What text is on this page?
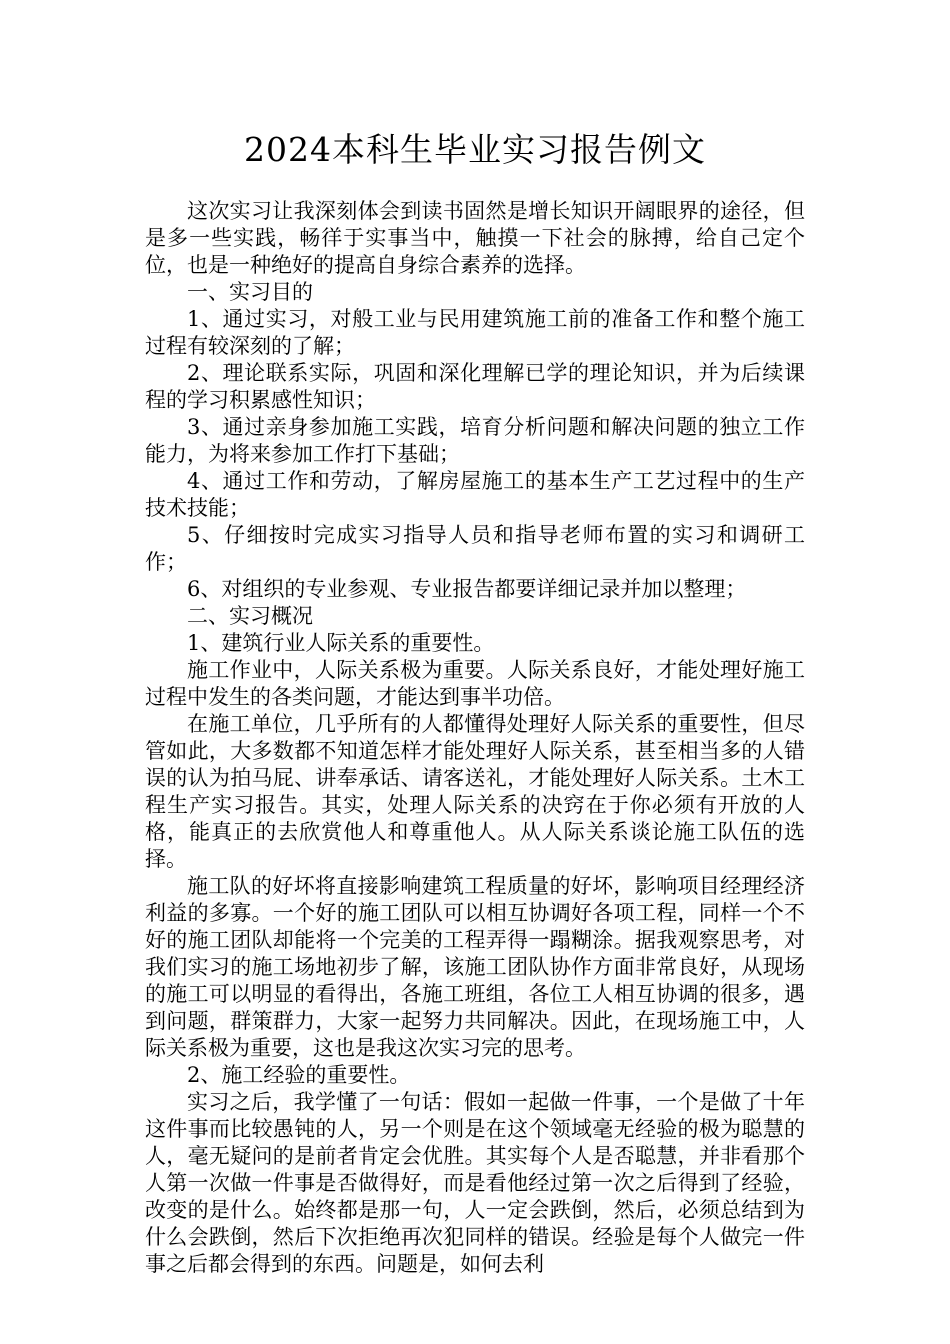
2024本科生毕业实习报告例文

这次实习让我深刻体会到读书固然是增长知识开阔眼界的途径，但是多一些实践，畅徉于实事当中，触摸一下社会的脉搏，给自己定个位，也是一种绝好的提高自身综合素养的选择。

一、实习目的

1、通过实习，对般工业与民用建筑施工前的准备工作和整个施工过程有较深刻的了解；

2、理论联系实际，巩固和深化理解已学的理论知识，并为后续课程的学习积累感性知识；

3、通过亲身参加施工实践，培育分析问题和解决问题的独立工作能力，为将来参加工作打下基础；

4、通过工作和劳动，了解房屋施工的基本生产工艺过程中的生产技术技能；

5、仔细按时完成实习指导人员和指导老师布置的实习和调研工作；

6、对组织的专业参观、专业报告都要详细记录并加以整理；

二、实习概况

1、建筑行业人际关系的重要性。

施工作业中，人际关系极为重要。人际关系良好，才能处理好施工过程中发生的各类问题，才能达到事半功倍。

在施工单位，几乎所有的人都懂得处理好人际关系的重要性，但尽管如此，大多数都不知道怎样才能处理好人际关系，甚至相当多的人错误的认为拍马屁、讲奉承话、请客送礼，才能处理好人际关系。土木工程生产实习报告。其实，处理人际关系的决窍在于你必须有开放的人格，能真正的去欣赏他人和尊重他人。从人际关系谈论施工队伍的选择。

施工队的好坏将直接影响建筑工程质量的好坏，影响项目经理经济利益的多寡。一个好的施工团队可以相互协调好各项工程，同样一个不好的施工团队却能将一个完美的工程弄得一蹋糊涂。据我观察思考，对我们实习的施工场地初步了解，该施工团队协作方面非常良好，从现场的施工可以明显的看得出，各施工班组，各位工人相互协调的很多，遇到问题，群策群力，大家一起努力共同解决。因此，在现场施工中，人际关系极为重要，这也是我这次实习完的思考。

2、施工经验的重要性。

实习之后，我学懂了一句话：假如一起做一件事，一个是做了十年这件事而比较愚钝的人，另一个则是在这个领域毫无经验的极为聪慧的人，毫无疑问的是前者肯定会优胜。其实每个人是否聪慧，并非看那个人第一次做一件事是否做得好，而是看他经过第一次之后得到了经验，改变的是什么。始终都是那一句，人一定会跌倒，然后，必须总结到为什么会跌倒，然后下次拒绝再次犯同样的错误。经验是每个人做完一件事之后都会得到的东西。问题是，如何去利
